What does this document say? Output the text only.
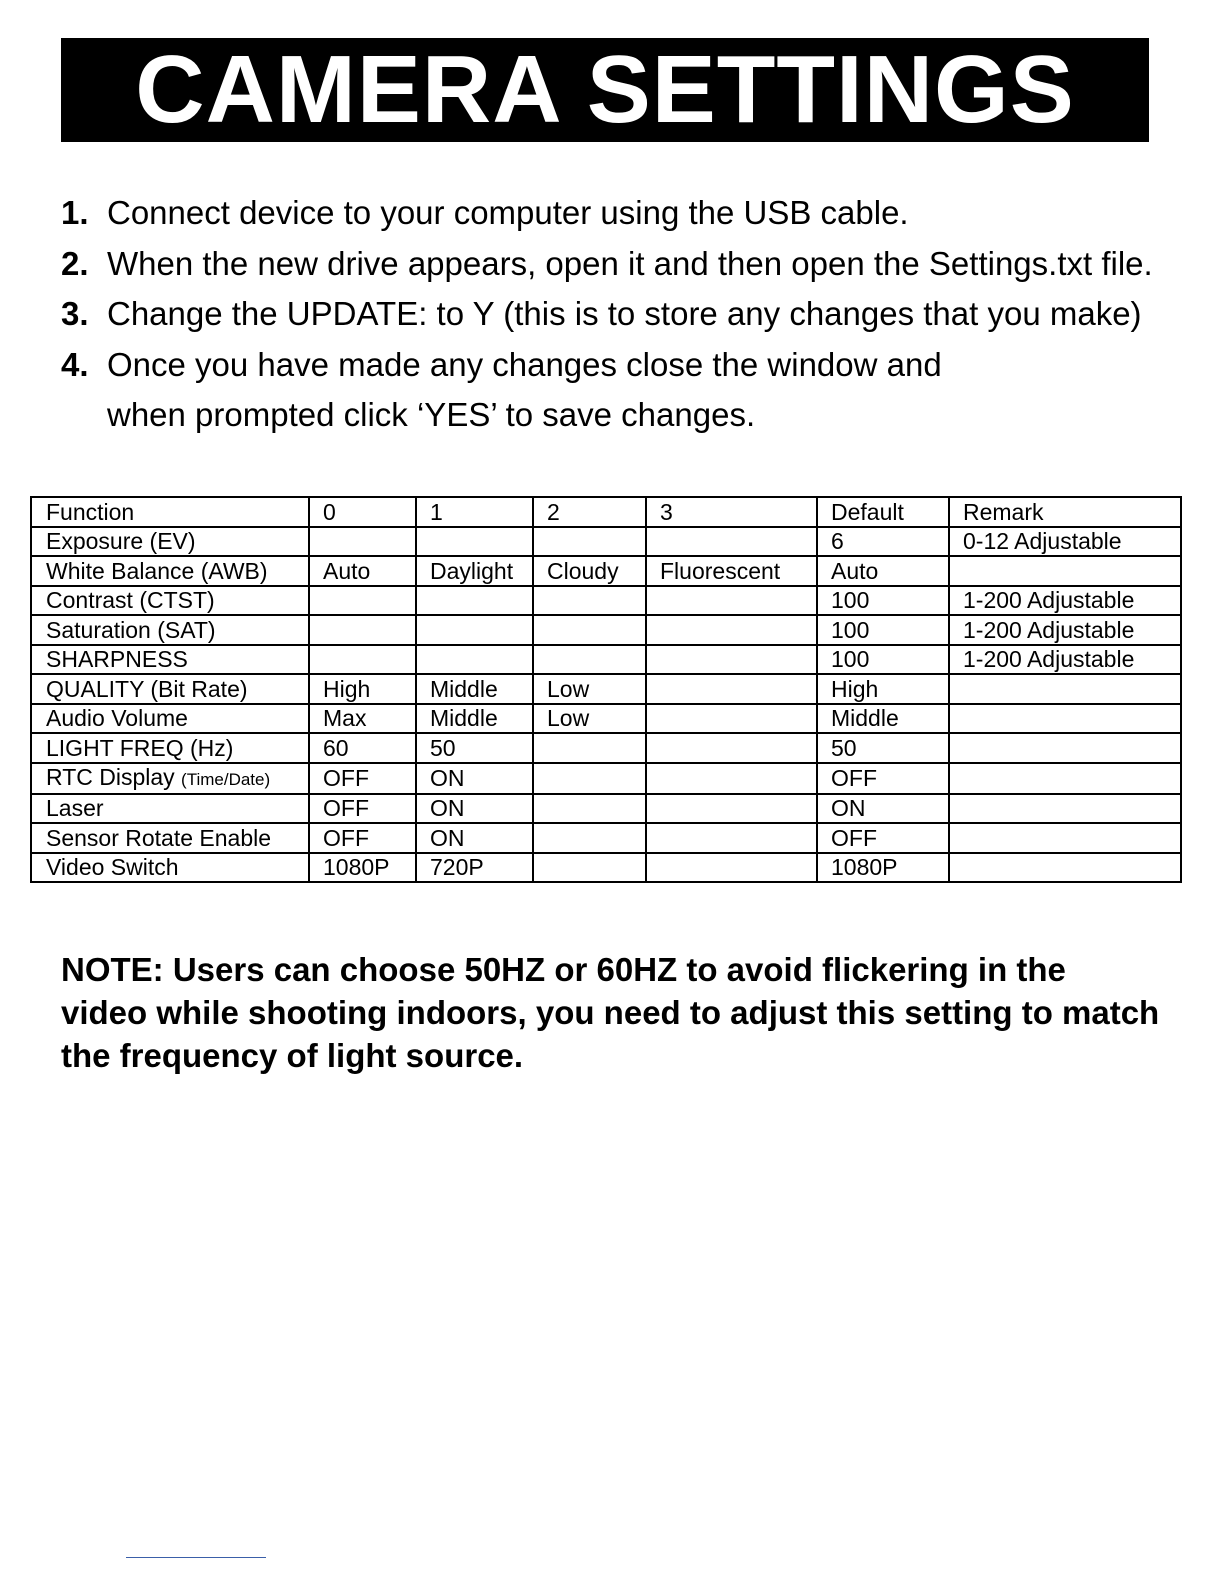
CAMERA SETTINGS
1. Connect device to your computer using the USB cable.
2. When the new drive appears, open it and then open the Settings.txt file.
3. Change the UPDATE: to Y (this is to store any changes that you make)
4. Once you have made any changes close the window and
when prompted click ‘YES’ to save changes.
Function	0	1	2	3	Default	Remark
Exposure (EV)					6	0-12 Adjustable
White Balance (AWB)	Auto	Daylight	Cloudy	Fluorescent	Auto	
Contrast (CTST)					100	1-200 Adjustable
Saturation (SAT)					100	1-200 Adjustable
SHARPNESS					100	1-200 Adjustable
QUALITY (Bit Rate)	High	Middle	Low		High	
Audio Volume	Max	Middle	Low		Middle	
LIGHT FREQ (Hz)	60	50			50	
RTC Display (Time/Date)	OFF	ON			OFF	
Laser	OFF	ON			ON	
Sensor Rotate Enable	OFF	ON			OFF	
Video Switch	1080P	720P			1080P	
NOTE: Users can choose 50HZ or 60HZ to avoid flickering in the video while shooting indoors, you need to adjust this setting to match the frequency of light source.
